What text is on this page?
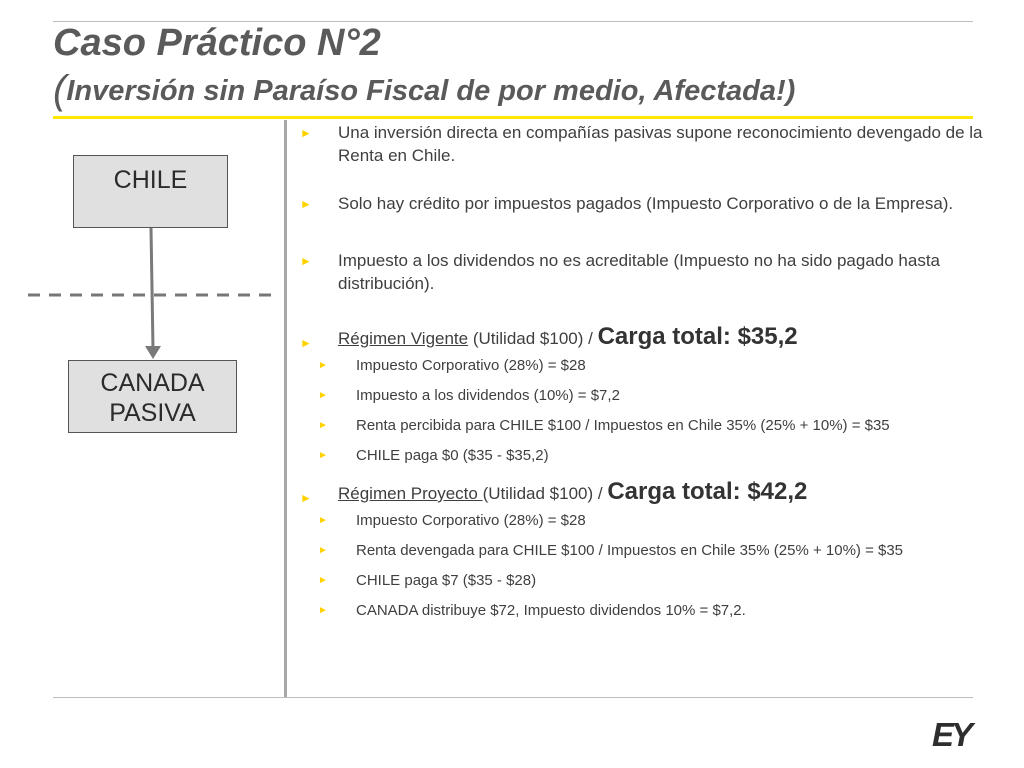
Caso Práctico N°2
(Inversión sin Paraíso Fiscal de por medio, Afectada!)
CHILE
CANADA
PASIVA
► Una inversión directa en compañías pasivas supone reconocimiento devengado de la Renta en Chile.
► Solo hay crédito por impuestos pagados (Impuesto Corporativo o de la Empresa).
► Impuesto a los dividendos no es acreditable (Impuesto no ha sido pagado hasta distribución).
► Régimen Vigente (Utilidad $100) / Carga total: $35,2
► Impuesto Corporativo (28%) = $28
► Impuesto a los dividendos (10%) = $7,2
► Renta percibida para CHILE $100 / Impuestos en Chile 35% (25% + 10%) = $35
► CHILE paga $0 ($35 - $35,2)
► Régimen Proyecto (Utilidad $100) / Carga total: $42,2
► Impuesto Corporativo (28%) = $28
► Renta devengada para CHILE $100 / Impuestos en Chile 35% (25% + 10%) = $35
► CHILE paga $7 ($35 - $28)
► CANADA distribuye $72, Impuesto dividendos 10% = $7,2.
EY
